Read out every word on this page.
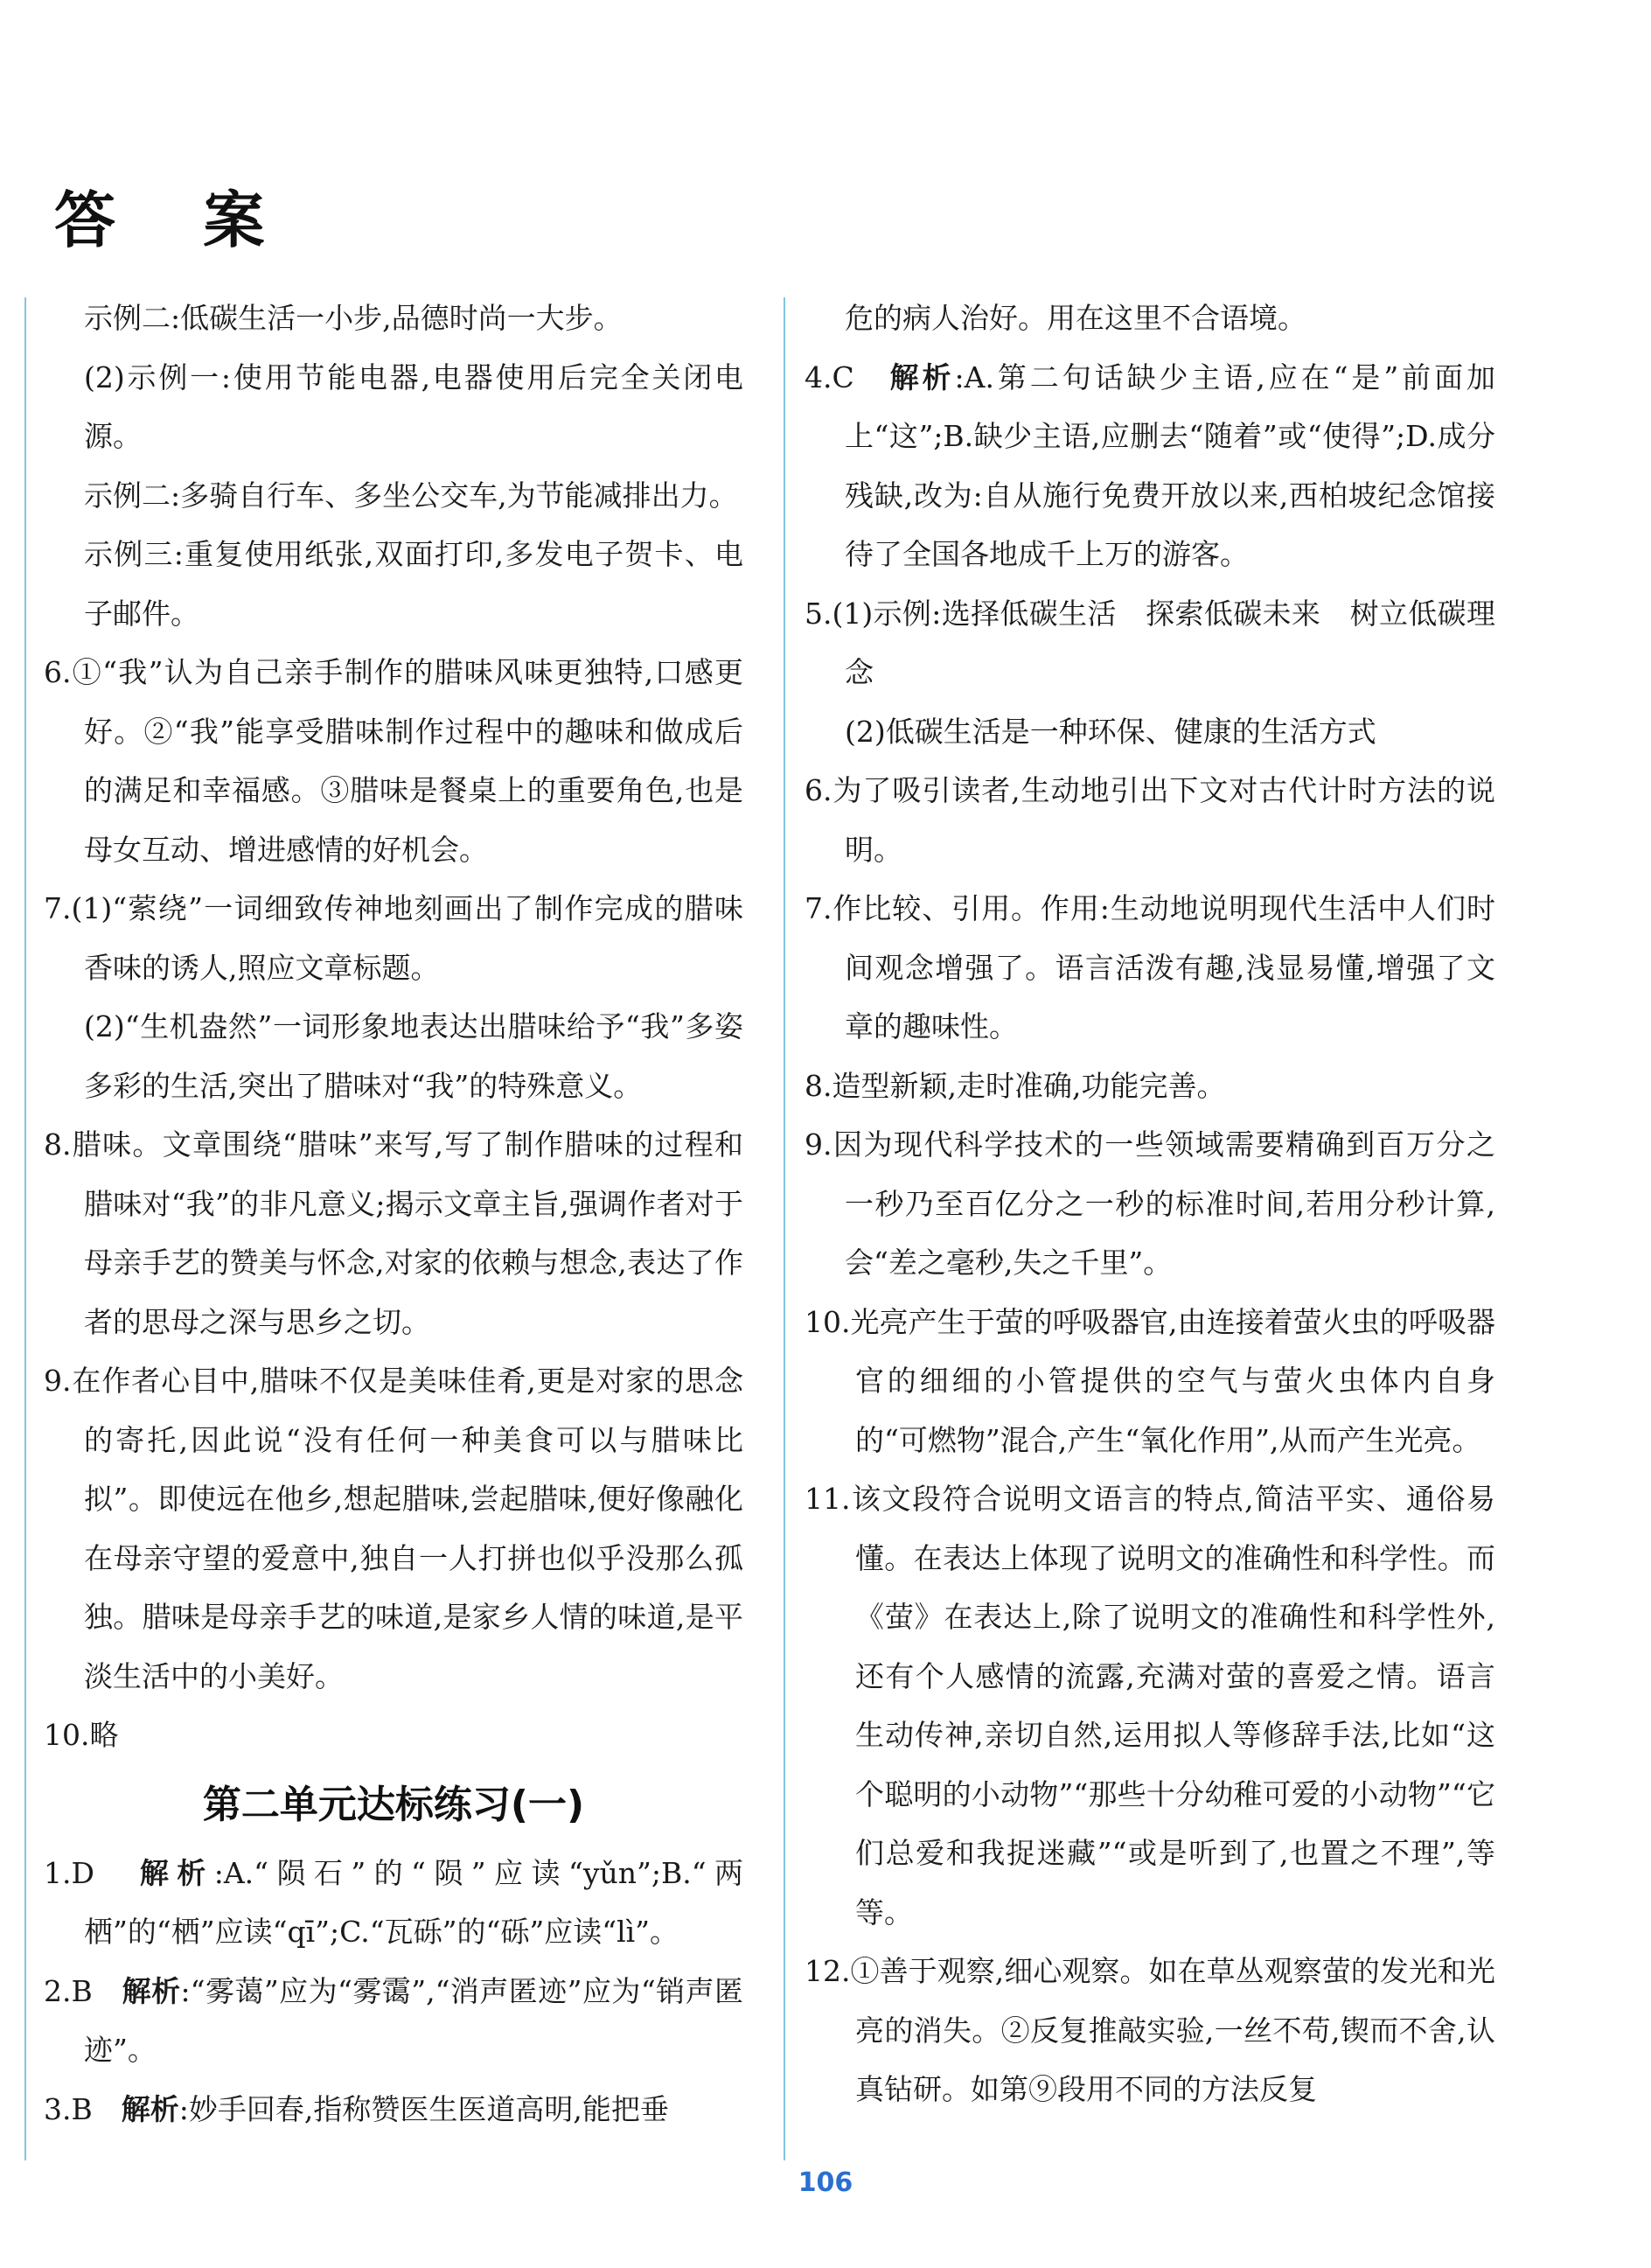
答 案

示例二:低碳生活一小步,品德时尚一大步。

(2)示例一:使用节能电器,电器使用后完全关闭电源。

示例二:多骑自行车、多坐公交车,为节能减排出力。

示例三:重复使用纸张,双面打印,多发电子贺卡、电子邮件。

6.①“我”认为自己亲手制作的腊味风味更独特,口感更好。②“我”能享受腊味制作过程中的趣味和做成后的满足和幸福感。③腊味是餐桌上的重要角色,也是母女互动、增进感情的好机会。

7.(1)“萦绕”一词细致传神地刻画出了制作完成的腊味香味的诱人,照应文章标题。

(2)“生机盎然”一词形象地表达出腊味给予“我”多姿多彩的生活,突出了腊味对“我”的特殊意义。

8.腊味。文章围绕“腊味”来写,写了制作腊味的过程和腊味对“我”的非凡意义;揭示文章主旨,强调作者对于母亲手艺的赞美与怀念,对家的依赖与想念,表达了作者的思母之深与思乡之切。

9.在作者心目中,腊味不仅是美味佳肴,更是对家的思念的寄托,因此说“没有任何一种美食可以与腊味比拟”。即使远在他乡,想起腊味,尝起腊味,便好像融化在母亲守望的爱意中,独自一人打拼也似乎没那么孤独。腊味是母亲手艺的味道,是家乡人情的味道,是平淡生活中的小美好。

10.略

第二单元达标练习(一)

1.D　 解析:A.“陨石”的“陨”应读“yǔn”;B.“两栖”的“栖”应读“qī”;C.“瓦砾”的“砾”应读“lì”。

2.B　 解析:“雾蔼”应为“雾霭”,“消声匿迹”应为“销声匿迹”。

3.B　 解析:妙手回春,指称赞医生医道高明,能把垂

危的病人治好。用在这里不合语境。

4.C　 解析:A.第二句话缺少主语,应在“是”前面加上“这”;B.缺少主语,应删去“随着”或“使得”;D.成分残缺,改为:自从施行免费开放以来,西柏坡纪念馆接待了全国各地成千上万的游客。

5.(1)示例:选择低碳生活　探索低碳未来　树立低碳理念

(2)低碳生活是一种环保、健康的生活方式

6.为了吸引读者,生动地引出下文对古代计时方法的说明。

7.作比较、引用。作用:生动地说明现代生活中人们时间观念增强了。语言活泼有趣,浅显易懂,增强了文章的趣味性。

8.造型新颖,走时准确,功能完善。

9.因为现代科学技术的一些领域需要精确到百万分之一秒乃至百亿分之一秒的标准时间,若用分秒计算,会“差之毫秒,失之千里”。

10.光亮产生于萤的呼吸器官,由连接着萤火虫的呼吸器官的细细的小管提供的空气与萤火虫体内自身的“可燃物”混合,产生“氧化作用”,从而产生光亮。

11.该文段符合说明文语言的特点,简洁平实、通俗易懂。在表达上体现了说明文的准确性和科学性。而《萤》在表达上,除了说明文的准确性和科学性外,还有个人感情的流露,充满对萤的喜爱之情。语言生动传神,亲切自然,运用拟人等修辞手法,比如“这个聪明的小动物”“那些十分幼稚可爱的小动物”“它们总爱和我捉迷藏”“或是听到了,也置之不理”,等等。

12.①善于观察,细心观察。如在草丛观察萤的发光和光亮的消失。②反复推敲实验,一丝不苟,锲而不舍,认真钻研。如第⑨段用不同的方法反复

106
